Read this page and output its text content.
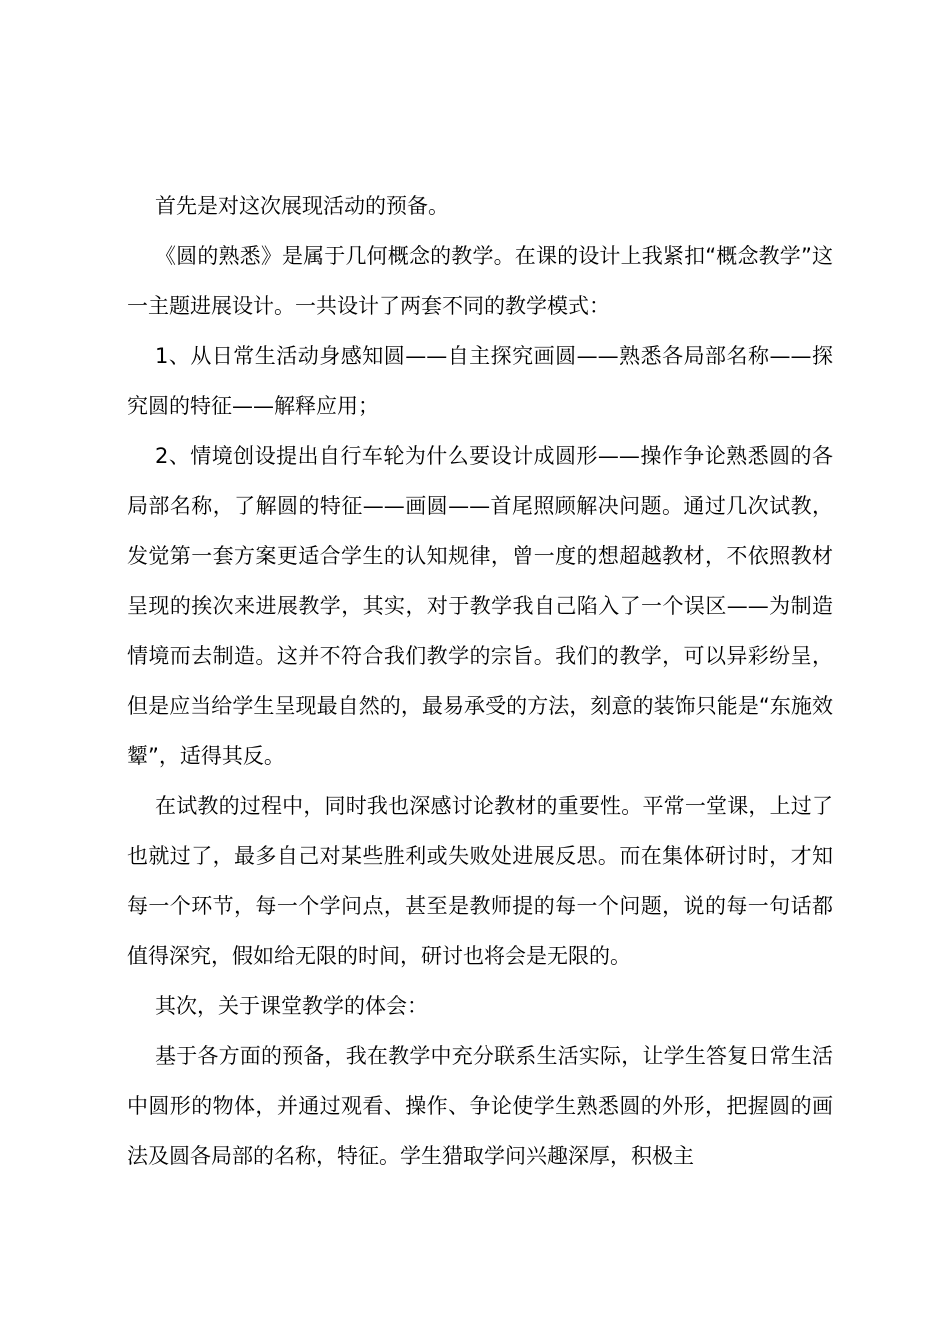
首先是对这次展现活动的预备。

《圆的熟悉》是属于几何概念的教学。在课的设计上我紧扣“概念教学”这一主题进展设计。一共设计了两套不同的教学模式：

1、从日常生活动身感知圆——自主探究画圆——熟悉各局部名称——探究圆的特征——解释应用；

2、情境创设提出自行车轮为什么要设计成圆形——操作争论熟悉圆的各局部名称，了解圆的特征——画圆——首尾照顾解决问题。通过几次试教，发觉第一套方案更适合学生的认知规律，曾一度的想超越教材，不依照教材呈现的挨次来进展教学，其实，对于教学我自己陷入了一个误区——为制造情境而去制造。这并不符合我们教学的宗旨。我们的教学，可以异彩纷呈，但是应当给学生呈现最自然的，最易承受的方法，刻意的装饰只能是“东施效颦”，适得其反。

在试教的过程中，同时我也深感讨论教材的重要性。平常一堂课，上过了也就过了，最多自己对某些胜利或失败处进展反思。而在集体研讨时，才知每一个环节，每一个学问点，甚至是教师提的每一个问题，说的每一句话都值得深究，假如给无限的时间，研讨也将会是无限的。

其次，关于课堂教学的体会：

基于各方面的预备，我在教学中充分联系生活实际，让学生答复日常生活中圆形的物体，并通过观看、操作、争论使学生熟悉圆的外形，把握圆的画法及圆各局部的名称，特征。学生猎取学问兴趣深厚，积极主
